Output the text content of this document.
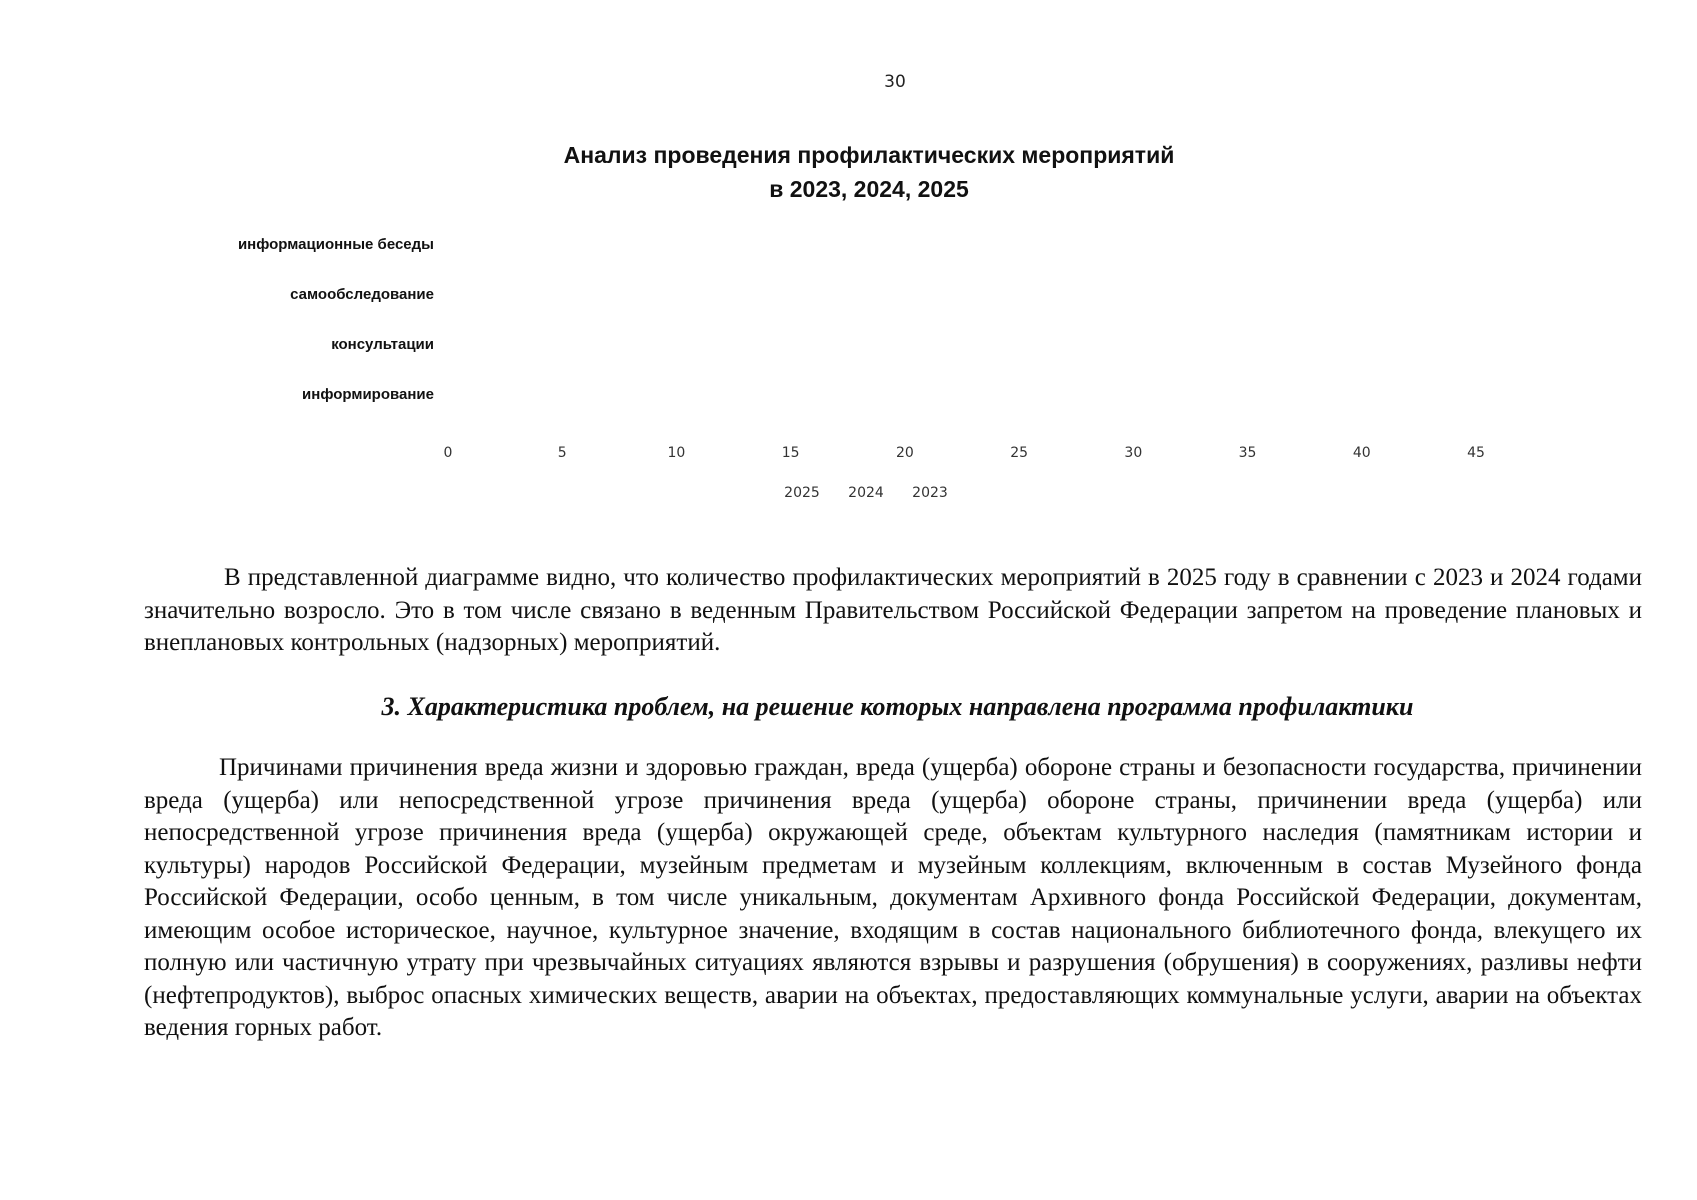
30
Анализ проведения профилактических мероприятий
в 2023, 2024, 2025
информационные беседы
самообследование
консультации
информирование
0	5	10	15	20	25	30	35	40	45
2025 2024 2023

В представленной диаграмме видно, что количество профилактических мероприятий в 2025 году в сравнении с 2023 и 2024 годами значительно возросло. Это в том числе связано в веденным Правительством Российской Федерации запретом на проведение плановых и внеплановых контрольных (надзорных) мероприятий.

3. Характеристика проблем, на решение которых направлена программа профилактики

Причинами причинения вреда жизни и здоровью граждан, вреда (ущерба) обороне страны и безопасности государства, причинении вреда (ущерба) или непосредственной угрозе причинения вреда (ущерба) обороне страны, причинении вреда (ущерба) или непосредственной угрозе причинения вреда (ущерба) окружающей среде, объектам культурного наследия (памятникам истории и культуры) народов Российской Федерации, музейным предметам и музейным коллекциям, включенным в состав Музейного фонда Российской Федерации, особо ценным, в том числе уникальным, документам Архивного фонда Российской Федерации, документам, имеющим особое историческое, научное, культурное значение, входящим в состав национального библиотечного фонда, влекущего их полную или частичную утрату при чрезвычайных ситуациях являются взрывы и разрушения (обрушения) в сооружениях, разливы нефти (нефтепродуктов), выброс опасных химических веществ, аварии на объектах, предоставляющих коммунальные услуги, аварии на объектах ведения горных работ.
